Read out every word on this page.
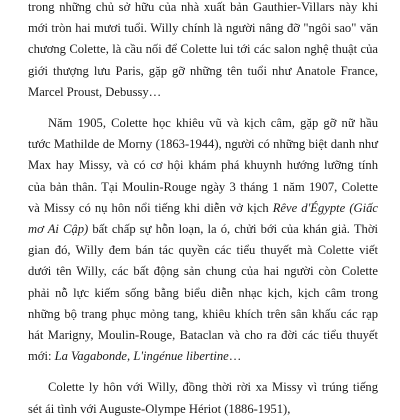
trong những chủ sở hữu của nhà xuất bản Gauthier-Villars này khi mới tròn hai mươi tuổi. Willy chính là người nâng đỡ "ngôi sao" văn chương Colette, là cầu nối để Colette lui tới các salon nghệ thuật của giới thượng lưu Paris, gặp gỡ những tên tuổi như Anatole France, Marcel Proust, Debussy…

Năm 1905, Colette học khiêu vũ và kịch câm, gặp gỡ nữ hầu tước Mathilde de Morny (1863-1944), người có những biệt danh như Max hay Missy, và có cơ hội khám phá khuynh hướng lưỡng tính của bản thân. Tại Moulin-Rouge ngày 3 tháng 1 năm 1907, Colette và Missy có nụ hôn nổi tiếng khi diễn vở kịch Rêve d'Égypte (Giấc mơ Ai Cập) bất chấp sự hỗn loạn, la ó, chửi bới của khán giả. Thời gian đó, Willy đem bán tác quyền các tiểu thuyết mà Colette viết dưới tên Willy, các bất động sản chung của hai người còn Colette phải nỗ lực kiếm sống bằng biểu diễn nhạc kịch, kịch câm trong những bộ trang phục mỏng tang, khiêu khích trên sân khấu các rạp hát Marigny, Moulin-Rouge, Bataclan và cho ra đời các tiểu thuyết mới: La Vagabonde, L'ingénue libertine…

Colette ly hôn với Willy, đồng thời rời xa Missy vì trúng tiếng sét ái tình với Auguste-Olympe Hériot (1886-1951),
